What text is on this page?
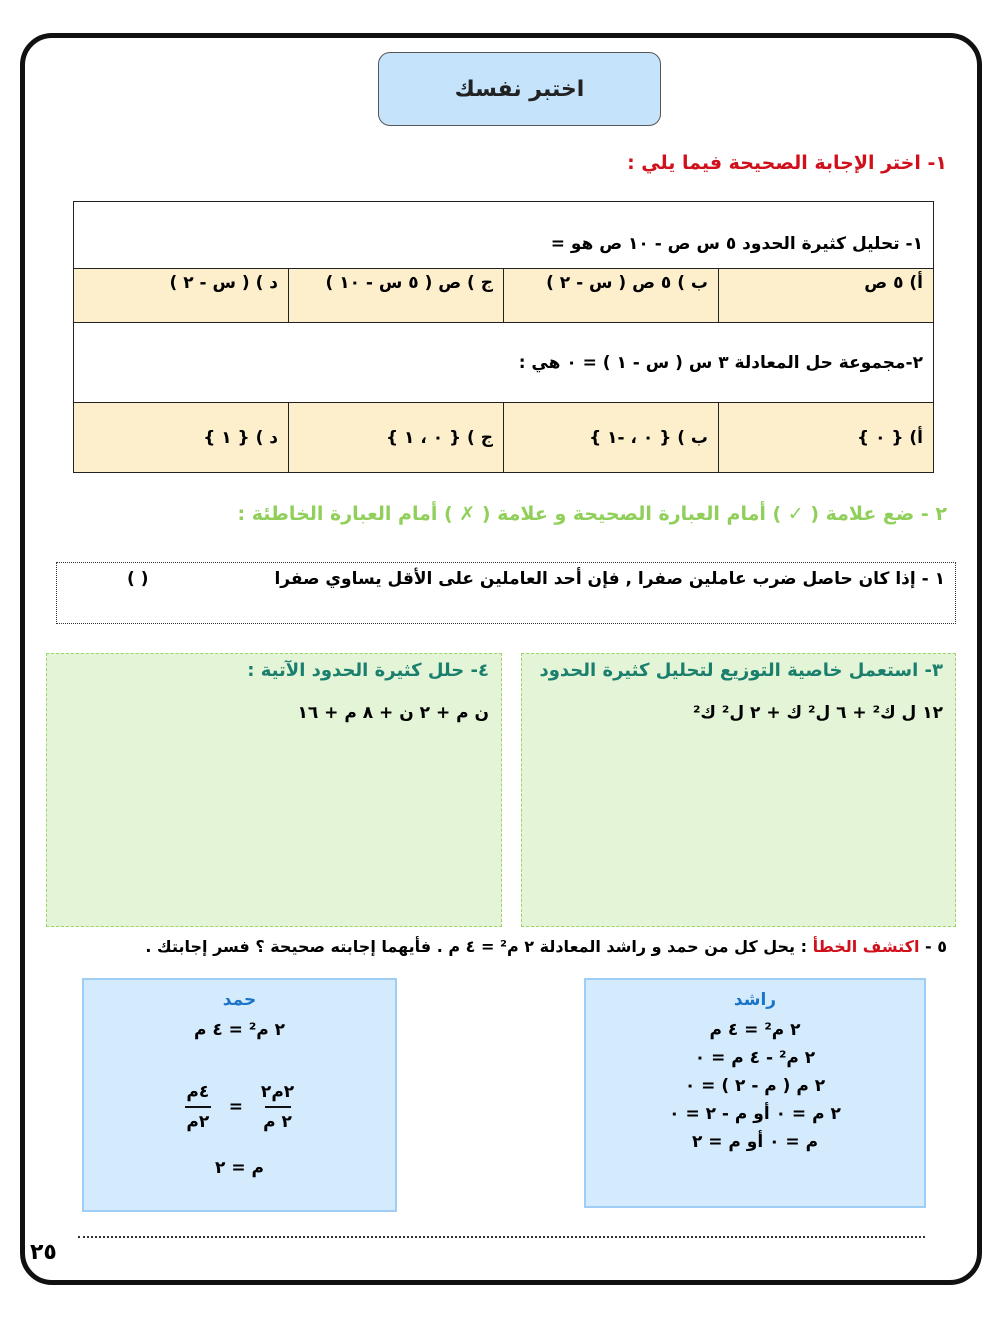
اختبر نفسك
١- اختر الإجابة الصحيحة فيما يلي :
١- تحليل كثيرة الحدود ٥ س ص - ١٠ ص هو =			
أ) ٥ ص	ب ) ٥ ص ( س - ٢ )	ج ) ص ( ٥ س - ١٠ )	د ) ( س - ٢ )
٢-مجموعة حل المعادلة ٣ س ( س - ١ ) = ٠ هي :			
أ) { ٠ }	ب ) { ٠ ، -١ }	ج ) { ٠ ، ١ }	د ) { ١ }
٢ - ضع علامة ( ✓ ) أمام العبارة الصحيحة و علامة ( ✗ ) أمام العبارة الخاطئة :
١ - إذا كان حاصل ضرب عاملين صفرا , فإن أحد العاملين على الأقل يساوي صفرا
( )
٣- استعمل خاصية التوزيع لتحليل كثيرة الحدود
١٢ ل ك² + ٦ ل² ك + ٢ ل² ك²
٤- حلل كثيرة الحدود الآتية :
ن م + ٢ ن + ٨ م + ١٦
٥ - اكتشف الخطأ : يحل كل من حمد و راشد المعادلة ٢ م² = ٤ م . فأيهما إجابته صحيحة ؟ فسر إجابتك .
راشد
٢ م² = ٤ م
٢ م² - ٤ م = ٠
٢ م ( م - ٢ ) = ٠
٢ م = ٠ أو م - ٢ = ٠
م = ٠ أو م = ٢
حمد
٢ م² = ٤ م
$\frac{\text{٢م٢}}{\text{٢ م}}$
=
$\frac{\text{٤م}}{\text{٢م}}$
م = ٢
٢٥
